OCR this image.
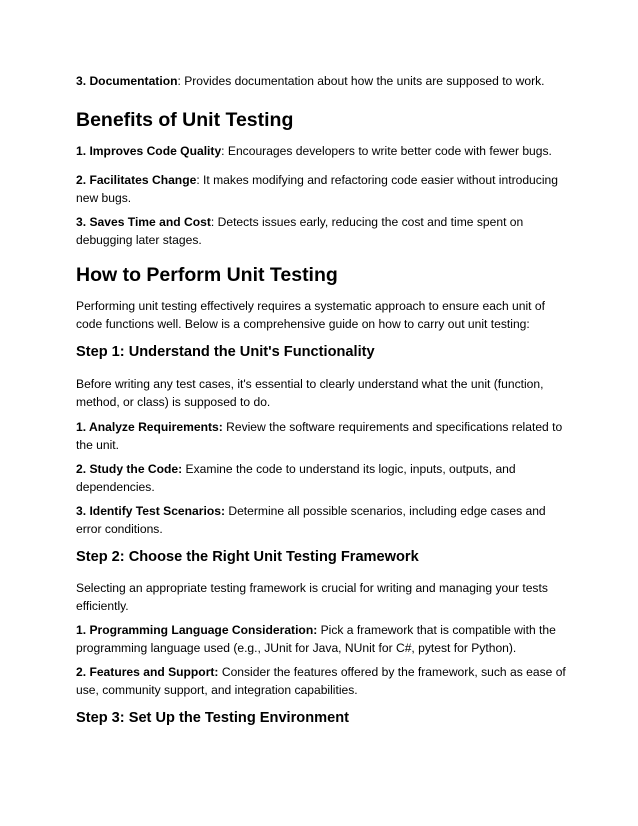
3. Documentation: Provides documentation about how the units are supposed to work.

Benefits of Unit Testing

1. Improves Code Quality: Encourages developers to write better code with fewer bugs.

2. Facilitates Change: It makes modifying and refactoring code easier without introducing new bugs.

3. Saves Time and Cost: Detects issues early, reducing the cost and time spent on debugging later stages.

How to Perform Unit Testing

Performing unit testing effectively requires a systematic approach to ensure each unit of code functions well. Below is a comprehensive guide on how to carry out unit testing:

Step 1: Understand the Unit's Functionality

Before writing any test cases, it's essential to clearly understand what the unit (function, method, or class) is supposed to do.

1. Analyze Requirements: Review the software requirements and specifications related to the unit.

2. Study the Code: Examine the code to understand its logic, inputs, outputs, and dependencies.

3. Identify Test Scenarios: Determine all possible scenarios, including edge cases and error conditions.

Step 2: Choose the Right Unit Testing Framework

Selecting an appropriate testing framework is crucial for writing and managing your tests efficiently.

1. Programming Language Consideration: Pick a framework that is compatible with the programming language used (e.g., JUnit for Java, NUnit for C#, pytest for Python).

2. Features and Support: Consider the features offered by the framework, such as ease of use, community support, and integration capabilities.

Step 3: Set Up the Testing Environment
